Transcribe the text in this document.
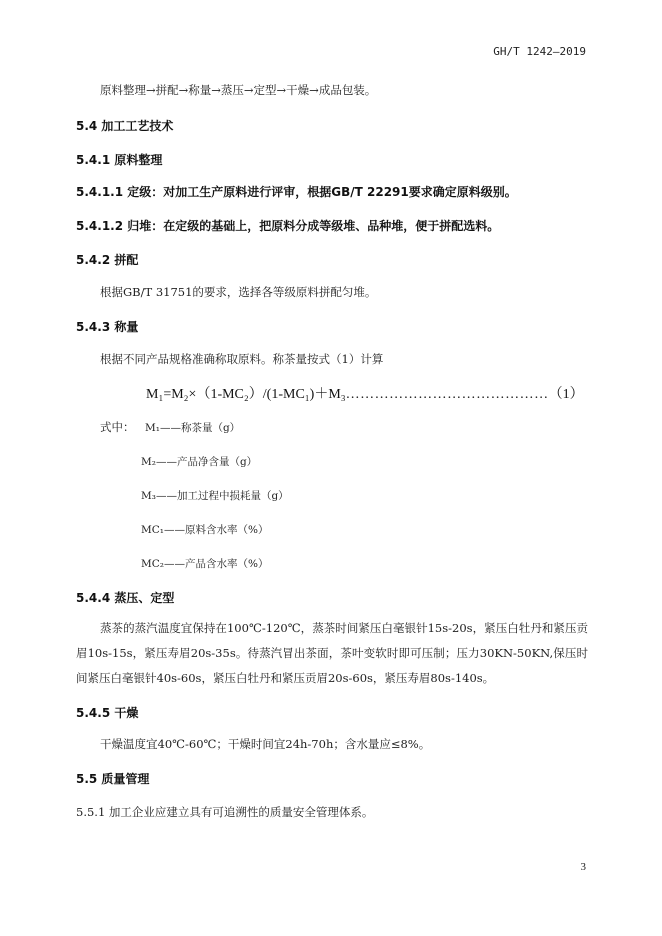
GH/T 1242—2019
原料整理→拼配→称量→蒸压→定型→干燥→成品包装。
5.4 加工工艺技术
5.4.1 原料整理
5.4.1.1 定级：对加工生产原料进行评审，根据GB/T 22291要求确定原料级别。
5.4.1.2 归堆：在定级的基础上，把原料分成等级堆、品种堆，便于拼配选料。
5.4.2 拼配
根据GB/T 31751的要求，选择各等级原料拼配匀堆。
5.4.3 称量
根据不同产品规格准确称取原料。称茶量按式（1）计算
M₁=M₂×（1-MC₂）/(1-MC₁)＋M₃……………………………………（1）
式中： M₁——称茶量（g）
M₂——产品净含量（g）
M₃——加工过程中损耗量（g）
MC₁——原料含水率（%）
MC₂——产品含水率（%）
5.4.4 蒸压、定型
蒸茶的蒸汽温度宜保持在100℃-120℃，蒸茶时间紧压白毫银针15s-20s，紧压白牡丹和紧压贡眉10s-15s，紧压寿眉20s-35s。待蒸汽冒出茶面，茶叶变软时即可压制；压力30KN-50KN,保压时间紧压白毫银针40s-60s，紧压白牡丹和紧压贡眉20s-60s，紧压寿眉80s-140s。
5.4.5 干燥
干燥温度宜40℃-60℃；干燥时间宜24h-70h；含水量应≤8%。
5.5 质量管理
5.5.1 加工企业应建立具有可追溯性的质量安全管理体系。
3
